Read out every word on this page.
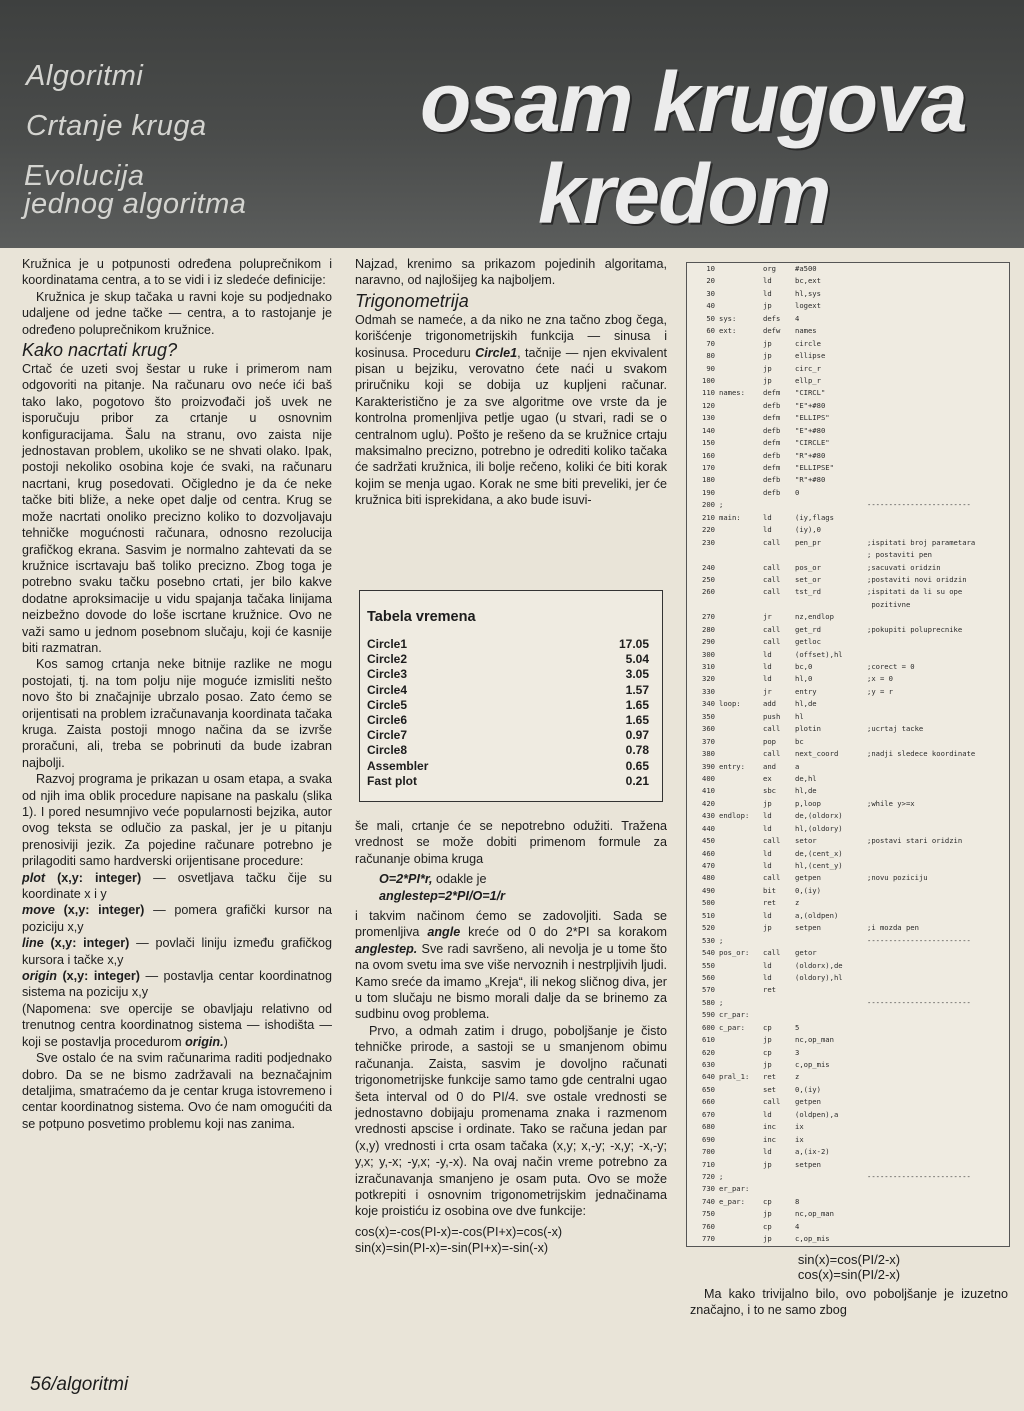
Algoritmi
Crtanje kruga
Evolucija
jednog algoritma
osam krugova
kredom

Kružnica je u potpunosti određena poluprečnikom i koordinatama centra, a to se vidi i iz sledeće definicije:

Kružnica je skup tačaka u ravni koje su podjednako udaljene od jedne tačke — centra, a to rastojanje je određeno poluprečnikom kružnice.

Kako nacrtati krug?

Crtač će uzeti svoj šestar u ruke i primerom nam odgovoriti na pitanje. Na računaru ovo neće ići baš tako lako, pogotovo što proizvođači još uvek ne isporučuju pribor za crtanje u osnovnim konfiguracijama. Šalu na stranu, ovo zaista nije jednostavan problem, ukoliko se ne shvati olako. Ipak, postoji nekoliko osobina koje će svaki, na računaru nacrtani, krug posedovati. Očigledno je da će neke tačke biti bliže, a neke opet dalje od centra. Krug se može nacrtati onoliko precizno koliko to dozvoljavaju tehničke mogućnosti računara, odnosno rezolucija grafičkog ekrana. Sasvim je normalno zahtevati da se kružnice iscrtavaju baš toliko precizno. Zbog toga je potrebno svaku tačku posebno crtati, jer bilo kakve dodatne aproksimacije u vidu spajanja tačaka linijama neizbežno dovode do loše iscrtane kružnice. Ovo ne važi samo u jednom posebnom slučaju, koji će kasnije biti razmatran.

Kos samog crtanja neke bitnije razlike ne mogu postojati, tj. na tom polju nije moguće izmisliti nešto novo što bi značajnije ubrzalo posao. Zato ćemo se orijentisati na problem izračunavanja koordinata tačaka kruga. Zaista postoji mnogo načina da se izvrše proračuni, ali, treba se pobrinuti da bude izabran najbolji.

Razvoj programa je prikazan u osam etapa, a svaka od njih ima oblik procedure napisane na paskalu (slika 1). I pored nesumnjivo veće popularnosti bejzika, autor ovog teksta se odlučio za paskal, jer je u pitanju prenosiviji jezik. Za pojedine računare potrebno je prilagoditi samo hardverski orijentisane procedure:

plot (x,y: integer) — osvetljava tačku čije su koordinate x i y

move (x,y: integer) — pomera grafički kursor na poziciju x,y

line (x,y: integer) — povlači liniju između grafičkog kursora i tačke x,y

origin (x,y: integer) — postavlja centar koordinatnog sistema na poziciju x,y

(Napomena: sve opercije se obavljaju relativno od trenutnog centra koordinatnog sistema — ishodišta — koji se postavlja procedurom origin.)

Sve ostalo će na svim računarima raditi podjednako dobro. Da se ne bismo zadržavali na beznačajnim detaljima, smatraćemo da je centar kruga istovremeno i centar koordinatnog sistema. Ovo će nam omogućiti da se potpuno posvetimo problemu koji nas zanima.

Najzad, krenimo sa prikazom pojedinih algoritama, naravno, od najlošijeg ka najboljem.

Trigonometrija

Odmah se namеće, a da niko ne zna tačno zbog čega, korišćenje trigonometrijskih funkcija — sinusa i kosinusa. Proceduru Circle1, tačnije — njen ekvivalent pisan u bejziku, verovatno ćete naći u svakom priručniku koji se dobija uz kupljeni računar. Karakteristično je za sve algoritme ove vrste da je kontrolna promenljiva petlje ugao (u stvari, radi se o centralnom uglu). Pošto je rešeno da se kružnice crtaju maksimalno precizno, potrebno je odrediti koliko tačaka će sadržati kružnica, ili bolje rečeno, koliki će biti korak kojim se menja ugao. Korak ne sme biti preveliki, jer će kružnica biti isprekidana, a ako bude isuvi-

Tabela vremena
Circle1	17.05
Circle2	5.04
Circle3	3.05
Circle4	1.57
Circle5	1.65
Circle6	1.65
Circle7	0.97
Circle8	0.78
Assembler	0.65
Fast plot	0.21

še mali, crtanje će se nepotrebno odužiti. Tražena vrednost se može dobiti primenom formule za računanje obima kruga

O=2*PI*r, odakle je

anglestep=2*PI/O=1/r

i takvim načinom ćemo se zadovoljiti. Sada se promenljiva angle kreće od 0 do 2*PI sa korakom anglestep. Sve radi savršeno, ali nevolja je u tome što na ovom svetu ima sve više nervoznih i nestrpljivih ljudi. Kamo sreće da imamo „Kreja“, ili nekog sličnog diva, jer u tom slučaju ne bismo morali dalje da se brinemo za sudbinu ovog problema.

Prvo, a odmah zatim i drugo, poboljšanje je čisto tehničke prirode, a sastoji se u smanjenom obimu računanja. Zaista, sasvim je dovoljno računati trigonometrijske funkcije samo tamo gde centralni ugao šeta interval od 0 do PI/4. sve ostale vrednosti se jednostavno dobijaju promenama znaka i razmenom vrednosti apscise i ordinate. Tako se računa jedan par (x,y) vrednosti i crta osam tačaka (x,y; x,-y; -x,y; -x,-y; y,x; y,-x; -y,x; -y,-x). Na ovaj način vreme potrebno za izračunavanja smanjeno je osam puta. Ovo se može potkrepiti i osnovnim trigonometrijskim jednačinama koje proistiću iz osobina ove dve funkcije:

cos(x)=-cos(PI-x)=-cos(PI+x)=cos(-x)

sin(x)=sin(PI-x)=-sin(PI+x)=-sin(-x)

10	org	#a500
20	ld	bc,ext
30	ld	hl,sys
40	jp	logext
50 sys:	defs	4
60 ext:	defw	names
70	jp	circle
80	jp	ellipse
90	jp	circ_r
100	jp	ellp_r
110 names:	defm	"CIRCL"
120	defb	"E"+#80
130	defm	"ELLIPS"
140	defb	"E"+#80
150	defm	"CIRCLE"
160	defb	"R"+#80
170	defm	"ELLIPSE"
180	defb	"R"+#80
190	defb	0
200 ;	------------------------
210 main:	ld	(iy,flags
220	ld	(iy),0
230	call	pen_pr	;ispitati broj parametara
; postaviti pen
240	call	pos_or	;sacuvati oridzin
250	call	set_or	;postaviti novi oridzin
260	call	tst_rd	;ispitati da li su ope
pozitivne
270	jr	nz,endlop
280	call	get_rd	;pokupiti poluprecnike
290	call	getloc
300	ld	(offset),hl
310	ld	bc,0	;corect = 0
320	ld	hl,0	;x = 0
330	jr	entry	;y = r
340 loop:	add	hl,de
350	push	hl
360	call	plotin	;ucrtaj tacke
370	pop	bc
380	call	next_coord	;nadji sledece koordinate
390 entry:	and	a
400	ex	de,hl
410	sbc	hl,de
420	jp	p,loop	;while y>=x
430 endlop:	ld	de,(oldorx)
440	ld	hl,(oldory)
450	call	setor	;postavi stari oridzin
460	ld	de,(cent_x)
470	ld	hl,(cent_y)
480	call	getpen	;novu poziciju
490	bit	0,(iy)
500	ret	z
510	ld	a,(oldpen)
520	jp	setpen	;i mozda pen
530 ;	------------------------
540 pos_or:	call	getor
550	ld	(oldorx),de
560	ld	(oldory),hl
570	ret
580 ;	------------------------
590 cr_par:
600 c_par:	cp	5
610	jp	nc,op_man
620	cp	3
630	jp	c,op_mis
640 pral_1:	ret	z
650	set	0,(iy)
660	call	getpen
670	ld	(oldpen),a
680	inc	ix
690	inc	ix
700	ld	a,(ix-2)
710	jp	setpen
720 ;	------------------------
730 er_par:
740 e_par:	cp	8
750	jp	nc,op_man
760	cp	4
770	jp	c,op_mis
sin(x)=cos(PI/2-x)
cos(x)=sin(PI/2-x)
Ma kako trivijalno bilo, ovo poboljšanje je izuzetno značajno, i to ne samo zbog
56/algoritmi
